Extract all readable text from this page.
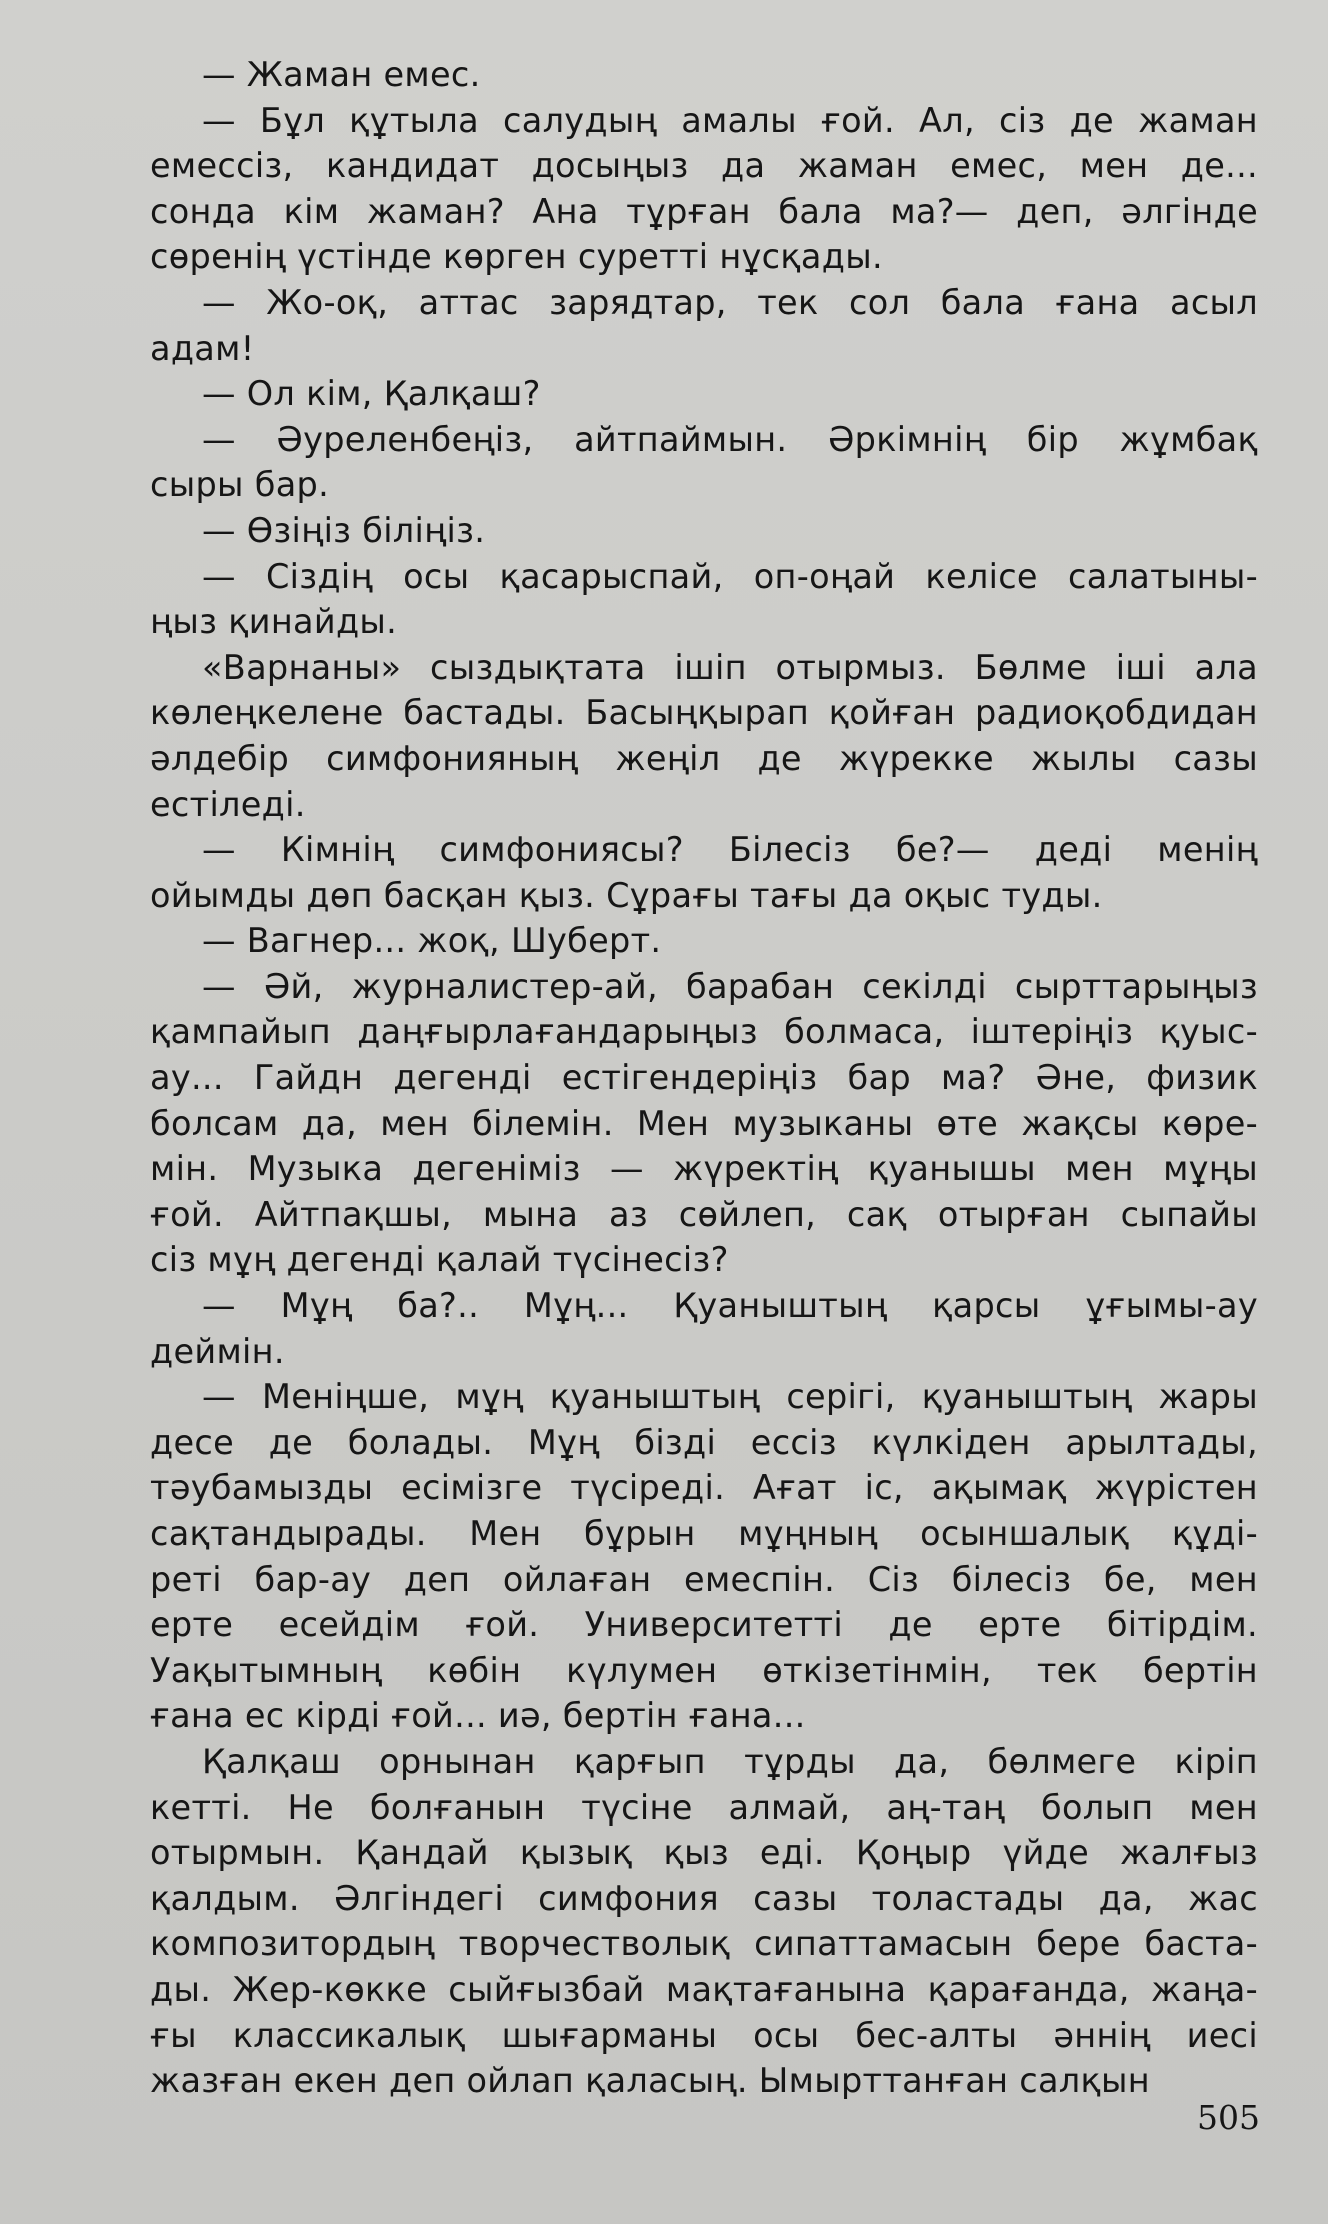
— Жаман емес.
— Бұл құтыла салудың амалы ғой. Ал, сіз де жаман
емессіз, кандидат досыңыз да жаман емес, мен де...
сонда кім жаман? Ана тұрған бала ма?— деп, әлгінде
сөренің үстінде көрген суретті нұсқады.
— Жо-оқ, аттас зарядтар, тек сол бала ғана асыл
адам!
— Ол кім, Қалқаш?
— Әуреленбеңіз, айтпаймын. Әркімнің бір жұмбақ
сыры бар.
— Өзіңіз біліңіз.
— Сіздің осы қасарыспай, оп-оңай келісе салатыны-
ңыз қинайды.
«Варнаны» сыздықтата ішіп отырмыз. Бөлме іші ала
көлеңкелене бастады. Басыңқырап қойған радиоқобдидан
әлдебір симфонияның жеңіл де жүрекке жылы сазы
естіледі.
— Кімнің симфониясы? Білесіз бе?— деді менің
ойымды дөп басқан қыз. Сұрағы тағы да оқыс туды.
— Вагнер... жоқ, Шуберт.
— Әй, журналистер-ай, барабан секілді сырттарыңыз
қампайып даңғырлағандарыңыз болмаса, іштеріңіз қуыс-
ау... Гайдн дегенді естігендеріңіз бар ма? Әне, физик
болсам да, мен білемін. Мен музыканы өте жақсы көре-
мін. Музыка дегеніміз — жүректің қуанышы мен мұңы
ғой. Айтпақшы, мына аз сөйлеп, сақ отырған сыпайы
сіз мұң дегенді қалай түсінесіз?
— Мұң ба?.. Мұң... Қуаныштың қарсы ұғымы-ау
деймін.
— Меніңше, мұң қуаныштың серігі, қуаныштың жары
десе де болады. Мұң бізді ессіз күлкіден арылтады,
тәубамызды есімізге түсіреді. Ағат іс, ақымақ жүрістен
сақтандырады. Мен бұрын мұңның осыншалық құді-
реті бар-ау деп ойлаған емеспін. Сіз білесіз бе, мен
ерте есейдім ғой. Университетті де ерте бітірдім.
Уақытымның көбін күлумен өткізетінмін, тек бертін
ғана ес кірді ғой... иә, бертін ғана...
Қалқаш орнынан қарғып тұрды да, бөлмеге кіріп
кетті. Не болғанын түсіне алмай, аң-таң болып мен
отырмын. Қандай қызық қыз еді. Қоңыр үйде жалғыз
қалдым. Әлгіндегі симфония сазы толастады да, жас
композитордың творчестволық сипаттамасын бере баста-
ды. Жер-көкке сыйғызбай мақтағанына қарағанда, жаңа-
ғы классикалық шығарманы осы бес-алты әннің иесі
жазған екен деп ойлап қаласың. Ымырттанған салқын
505
